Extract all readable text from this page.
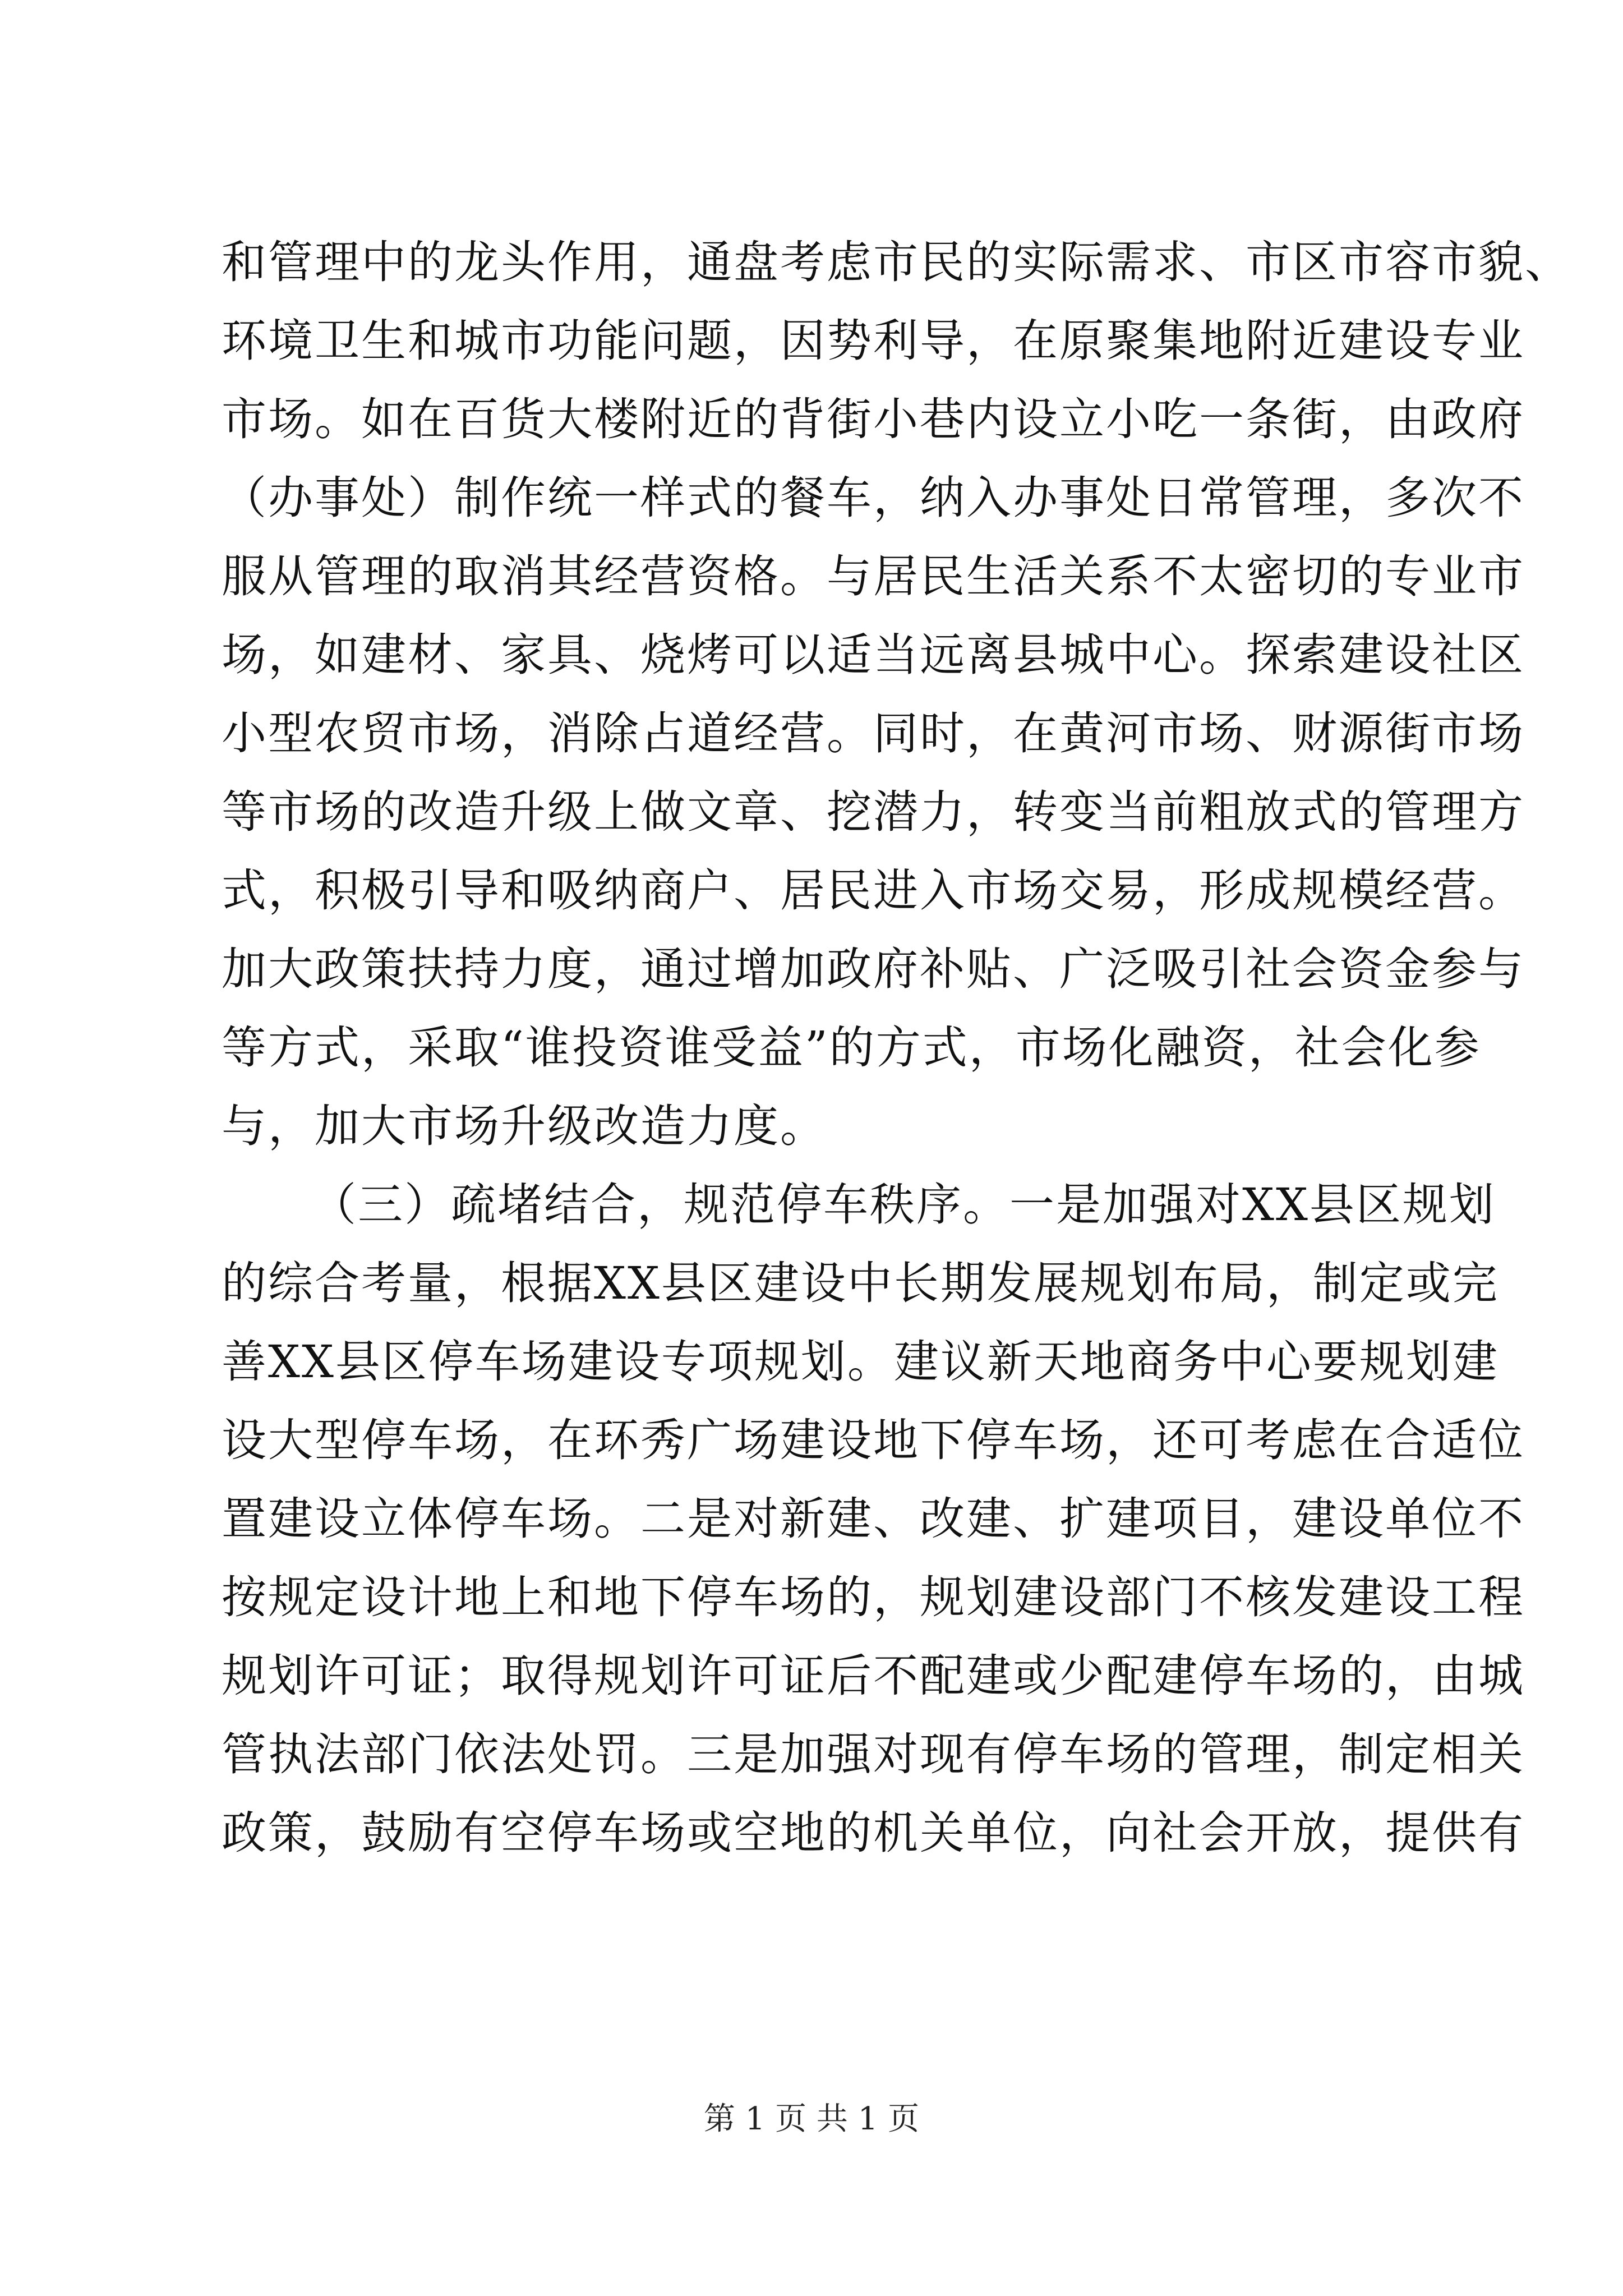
和管理中的龙头作用，通盘考虑市民的实际需求、市区市容市貌、
环境卫生和城市功能问题，因势利导，在原聚集地附近建设专业
市场。如在百货大楼附近的背街小巷内设立小吃一条街，由政府
（办事处）制作统一样式的餐车，纳入办事处日常管理，多次不
服从管理的取消其经营资格。与居民生活关系不太密切的专业市
场，如建材、家具、烧烤可以适当远离县城中心。探索建设社区
小型农贸市场，消除占道经营。同时，在黄河市场、财源街市场
等市场的改造升级上做文章、挖潜力，转变当前粗放式的管理方
式，积极引导和吸纳商户、居民进入市场交易，形成规模经营。
加大政策扶持力度，通过增加政府补贴、广泛吸引社会资金参与
等方式，采取“谁投资谁受益”的方式，市场化融资，社会化参
与，加大市场升级改造力度。
（三）疏堵结合，规范停车秩序。一是加强对XX县区规划
的综合考量，根据XX县区建设中长期发展规划布局，制定或完
善XX县区停车场建设专项规划。建议新天地商务中心要规划建
设大型停车场，在环秀广场建设地下停车场，还可考虑在合适位
置建设立体停车场。二是对新建、改建、扩建项目，建设单位不
按规定设计地上和地下停车场的，规划建设部门不核发建设工程
规划许可证；取得规划许可证后不配建或少配建停车场的，由城
管执法部门依法处罚。三是加强对现有停车场的管理，制定相关
政策，鼓励有空停车场或空地的机关单位，向社会开放，提供有
第 1 页 共 1 页
